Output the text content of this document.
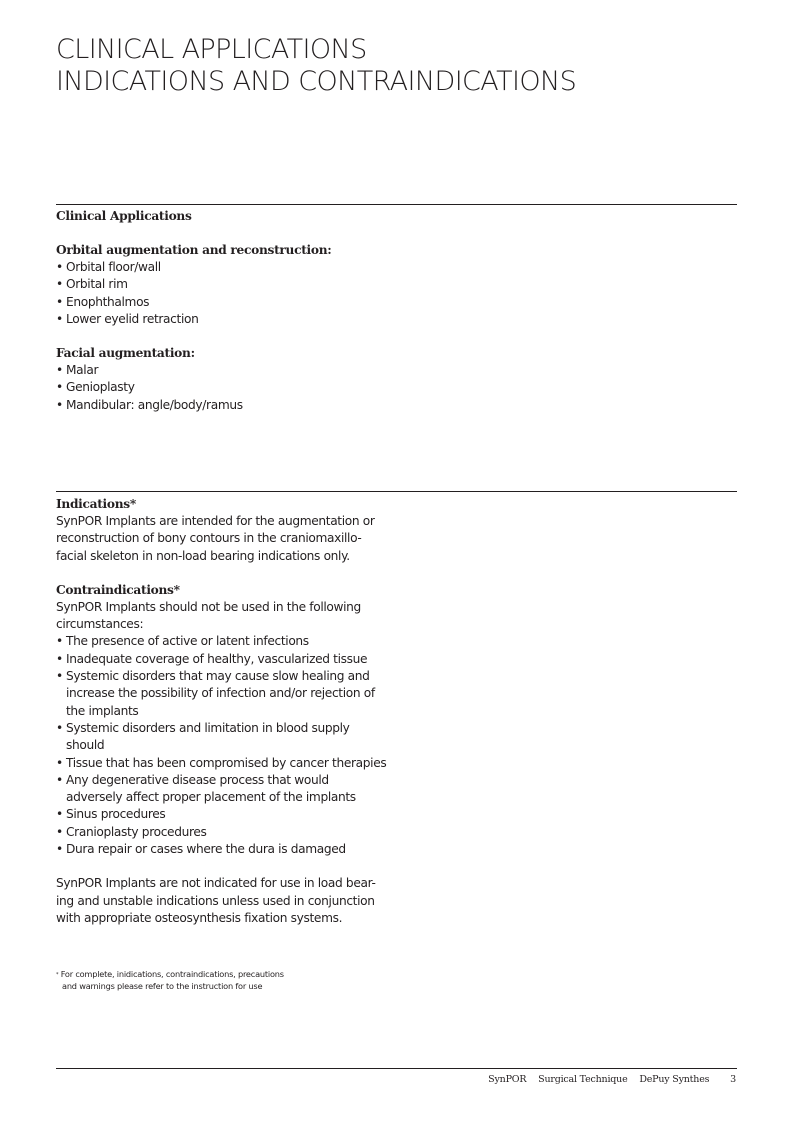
CLINICAL APPLICATIONS
INDICATIONS AND CONTRAINDICATIONS
Clinical Applications
Orbital augmentation and reconstruction:
• Orbital floor/wall
• Orbital rim
• Enophthalmos
• Lower eyelid retraction
Facial augmentation:
• Malar
• Genioplasty
• Mandibular: angle/body/ramus
Indications*
SynPOR Implants are intended for the augmentation or reconstruction of bony contours in the craniomaxillo-facial skeleton in non-load bearing indications only.
Contraindications*
SynPOR Implants should not be used in the following circumstances:
• The presence of active or latent infections
• Inadequate coverage of healthy, vascularized tissue
• Systemic disorders that may cause slow healing and increase the possibility of infection and/or rejection of the implants
• Systemic disorders and limitation in blood supply should
• Tissue that has been compromised by cancer therapies
• Any degenerative disease process that would adversely affect proper placement of the implants
• Sinus procedures
• Cranioplasty procedures
• Dura repair or cases where the dura is damaged
SynPOR Implants are not indicated for use in load bear-ing and unstable indications unless used in conjunction with appropriate osteosynthesis fixation systems.
* For complete, inidications, contraindications, precautions
and warnings please refer to the instruction for use
SynPOR Surgical Technique DePuy Synthes 3
